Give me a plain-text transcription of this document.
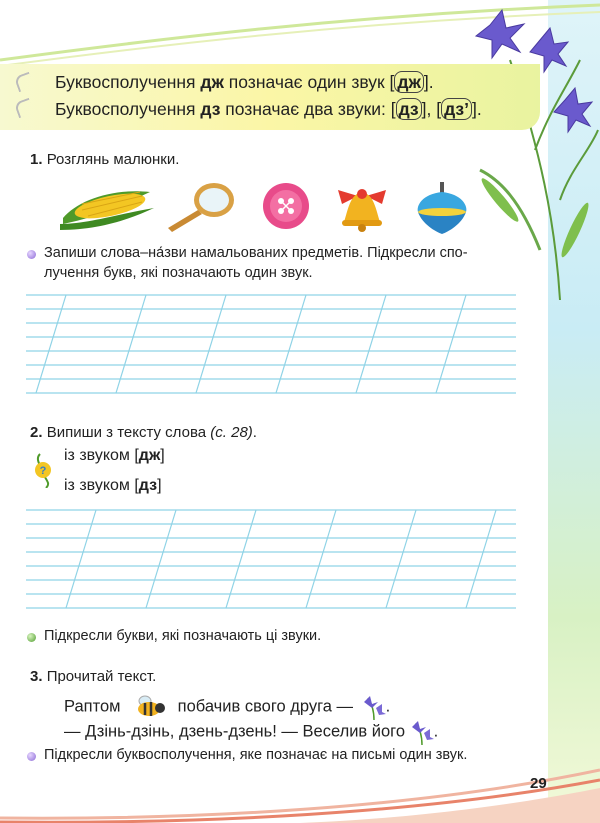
Буквосполучення дж позначає один звук [ дж ].
Буквосполучення дз позначає два звуки: [ дз ], [ дз’ ].
1. Розглянь малюнки.
Запиши слова–на́зви намальованих предметів. Підкресли спо-
лучення букв, які позначають один звук.
2. Випиши з тексту слова (с. 28).
?
із звуком [дж]
із звуком [дз]
Підкресли букви, які позначають ці звуки.
3. Прочитай текст.
Раптом	побачив свого друга — .
— Дзінь-дзінь, дзень-дзень! — Веселив його .
Підкресли буквосполучення, яке позначає на письмі один звук.
29
